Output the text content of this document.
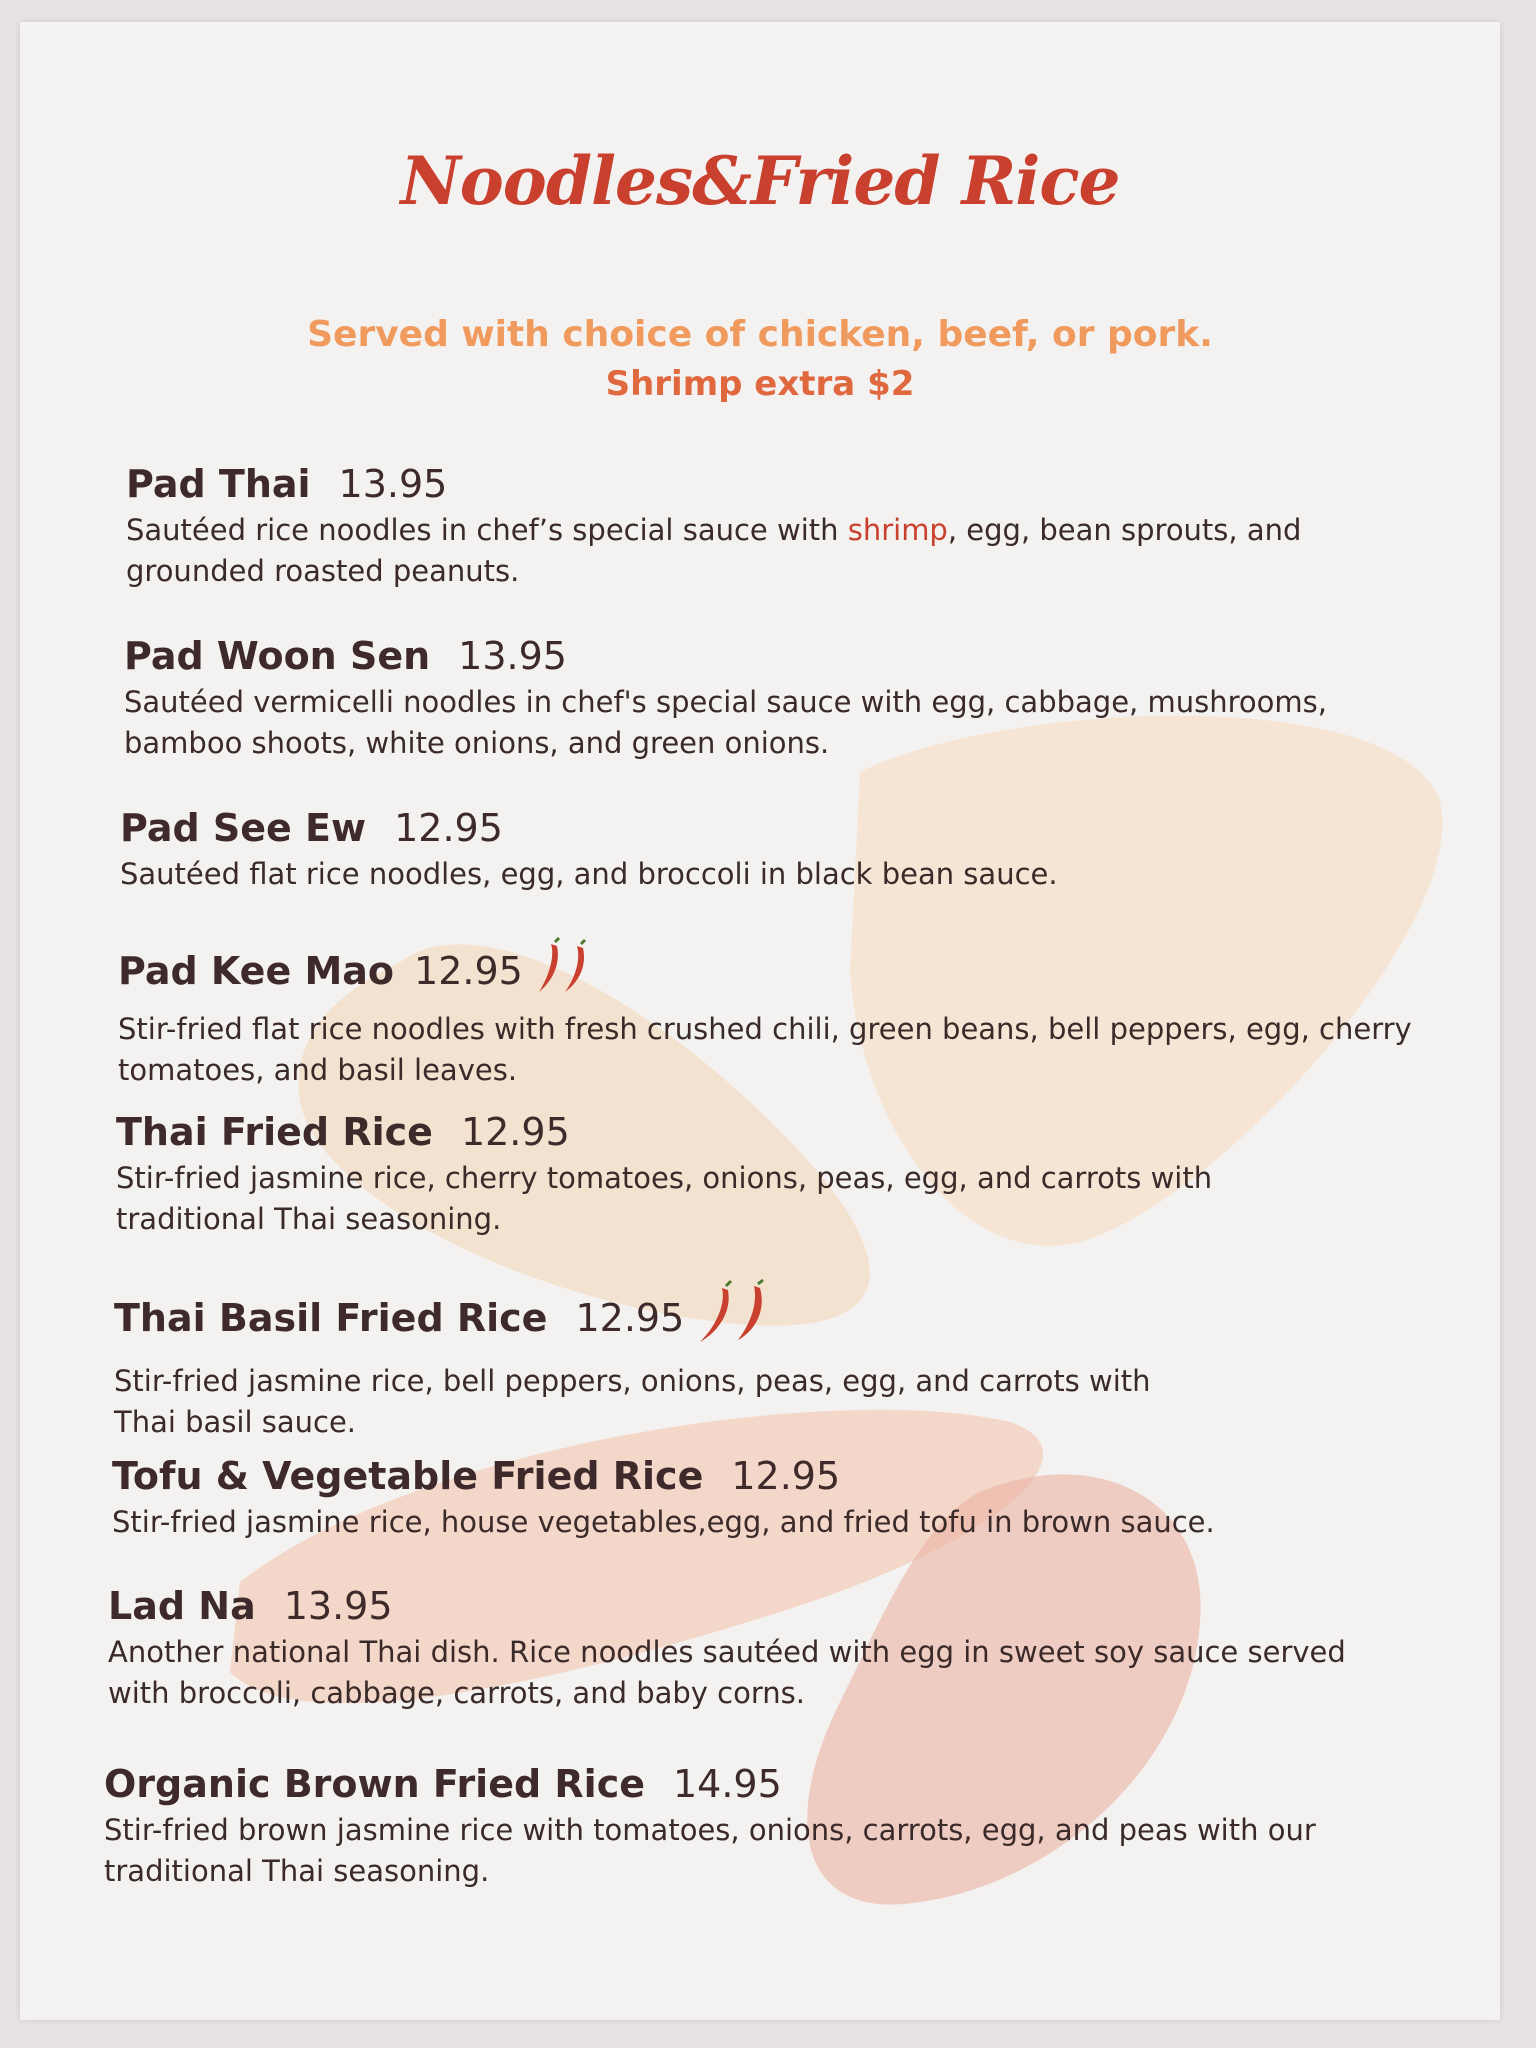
Noodles&Fried Rice
Served with choice of chicken, beef, or pork.
Shrimp extra $2
Pad Thai 13.95
Sautéed rice noodles in chef’s special sauce with shrimp, egg, bean sprouts, and grounded roasted peanuts.
Pad Woon Sen 13.95
Sautéed vermicelli noodles in chef's special sauce with egg, cabbage, mushrooms, bamboo shoots, white onions, and green onions.
Pad See Ew 12.95
Sautéed flat rice noodles, egg, and broccoli in black bean sauce.
Pad Kee Mao 12.95
Stir-fried flat rice noodles with fresh crushed chili, green beans, bell peppers, egg, cherry tomatoes, and basil leaves.
Thai Fried Rice 12.95
Stir-fried jasmine rice, cherry tomatoes, onions, peas, egg, and carrots with traditional Thai seasoning.
Thai Basil Fried Rice 12.95
Stir-fried jasmine rice, bell peppers, onions, peas, egg, and carrots with Thai basil sauce.
Tofu & Vegetable Fried Rice 12.95
Stir-fried jasmine rice, house vegetables,egg, and fried tofu in brown sauce.
Lad Na 13.95
Another national Thai dish. Rice noodles sautéed with egg in sweet soy sauce served with broccoli, cabbage, carrots, and baby corns.
Organic Brown Fried Rice 14.95
Stir-fried brown jasmine rice with tomatoes, onions, carrots, egg, and peas with our traditional Thai seasoning.
